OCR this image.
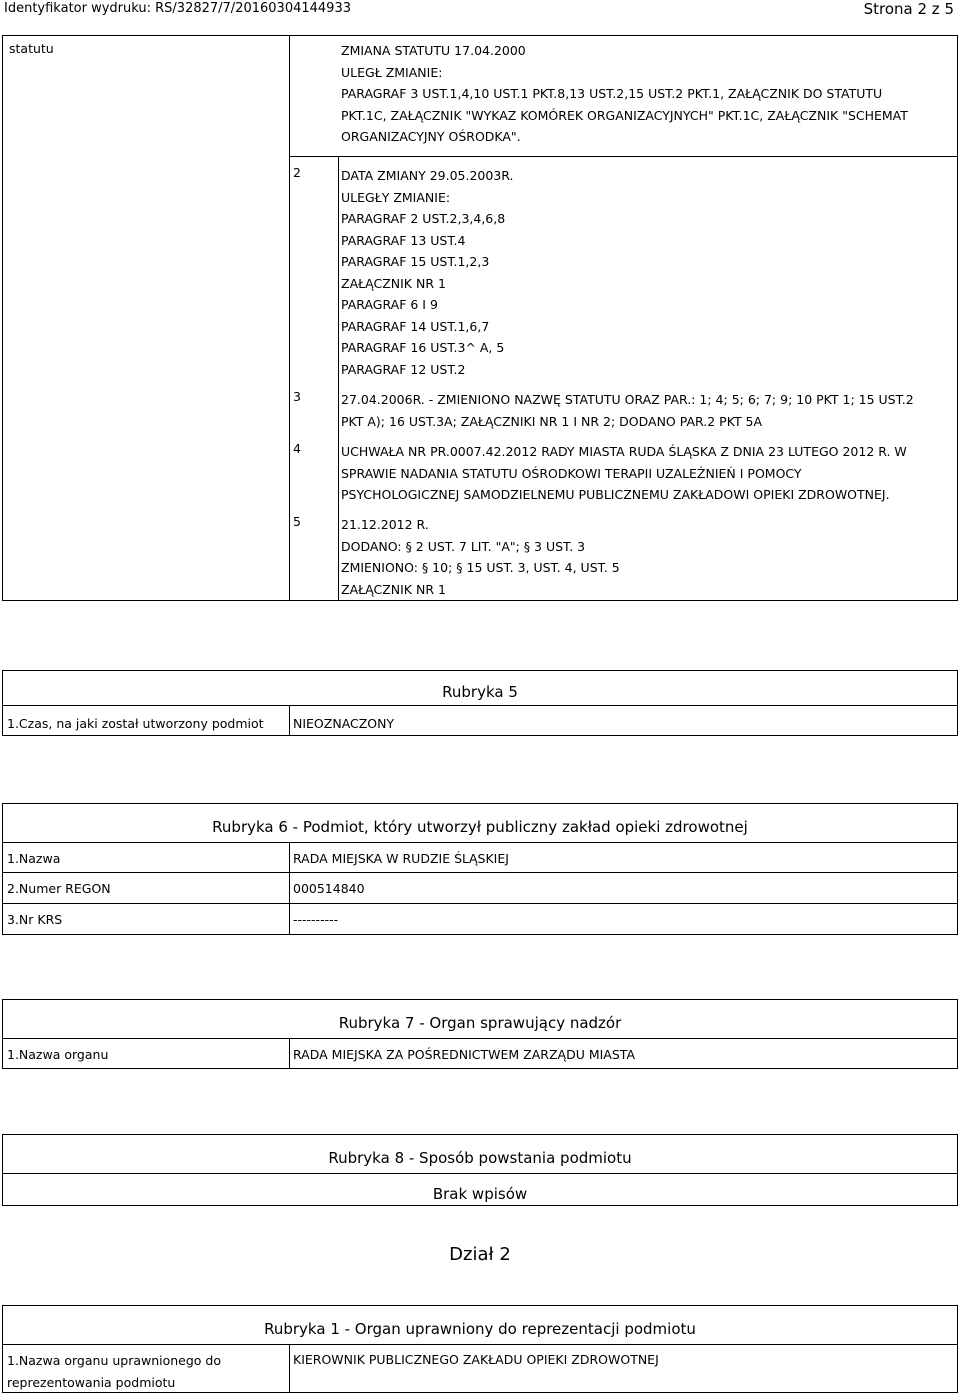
Identyfikator wydruku: RS/32827/7/20160304144933	Strona 2 z 5
statutu	ZMIANA STATUTU 17.04.2000
ULEGŁ ZMIANIE:
PARAGRAF 3 UST.1,4,10 UST.1 PKT.8,13 UST.2,15 UST.2 PKT.1, ZAŁĄCZNIK DO STATUTU
PKT.1C, ZAŁĄCZNIK "WYKAZ KOMÓREK ORGANIZACYJNYCH" PKT.1C, ZAŁĄCZNIK "SCHEMAT
ORGANIZACYJNY OŚRODKA".
2	DATA ZMIANY 29.05.2003R.
ULEGŁY ZMIANIE:
PARAGRAF 2 UST.2,3,4,6,8
PARAGRAF 13 UST.4
PARAGRAF 15 UST.1,2,3
ZAŁĄCZNIK NR 1
PARAGRAF 6 I 9
PARAGRAF 14 UST.1,6,7
PARAGRAF 16 UST.3^ A, 5
PARAGRAF 12 UST.2
3	27.04.2006R. - ZMIENIONO NAZWĘ STATUTU ORAZ PAR.: 1; 4; 5; 6; 7; 9; 10 PKT 1; 15 UST.2
PKT A); 16 UST.3A; ZAŁĄCZNIKI NR 1 I NR 2; DODANO PAR.2 PKT 5A
4	UCHWAŁA NR PR.0007.42.2012 RADY MIASTA RUDA ŚLĄSKA Z DNIA 23 LUTEGO 2012 R. W
SPRAWIE NADANIA STATUTU OŚRODKOWI TERAPII UZALEŻNIEŃ I POMOCY
PSYCHOLOGICZNEJ SAMODZIELNEMU PUBLICZNEMU ZAKŁADOWI OPIEKI ZDROWOTNEJ.
5	21.12.2012 R.
DODANO: § 2 UST. 7 LIT. "A"; § 3 UST. 3
ZMIENIONO: § 10; § 15 UST. 3, UST. 4, UST. 5
ZAŁĄCZNIK NR 1
Rubryka 5
1.Czas, na jaki został utworzony podmiot NIEOZNACZONY
Rubryka 6 - Podmiot, który utworzył publiczny zakład opieki zdrowotnej
1.Nazwa	RADA MIEJSKA W RUDZIE ŚLĄSKIEJ
2.Numer REGON	000514840
3.Nr KRS	----------
Rubryka 7 - Organ sprawujący nadzór
1.Nazwa organu	RADA MIEJSKA ZA POŚREDNICTWEM ZARZĄDU MIASTA
Rubryka 8 - Sposób powstania podmiotu
Brak wpisów
Dział 2
Rubryka 1 - Organ uprawniony do reprezentacji podmiotu
1.Nazwa organu uprawnionego do reprezentowania podmiotu
KIEROWNIK PUBLICZNEGO ZAKŁADU OPIEKI ZDROWOTNEJ
